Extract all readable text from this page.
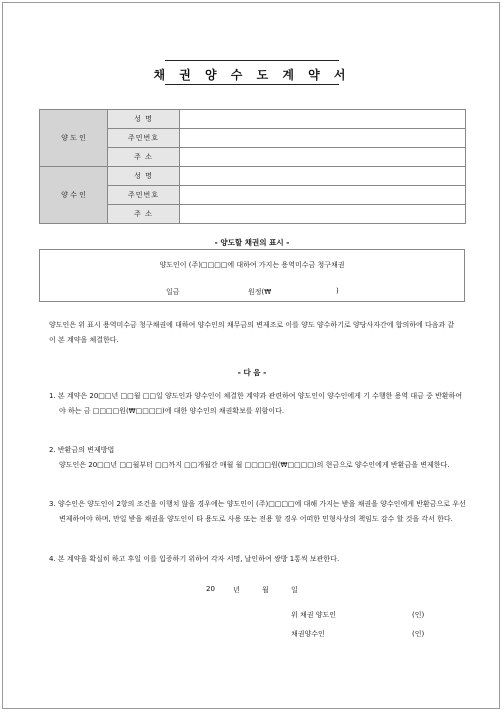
채 권 양 수 도 계 약 서
양 도 인	성 명	
	주민번호	
	주 소	
양 수 인	성 명	
	주민번호	
	주 소	
- 양도할 채권의 표시 -
양도인이 (주)□□□□에 대하여 가지는 용역미수금 청구채권
일금	원정(₩	)
양도인은 위 표시 용역미수금 청구채권에 대하여 양수인의 채무금의 변제조로 이를 양도 양수하기로 양당사자간에 합의하에 다음과 같이 본 계약을 체결한다.
- 다 음 -
1. 본 계약은 20□□년 □□월 □□일 양도인과 양수인이 체결한 계약과 관련하여 양도인이 양수인에게 기 수행한 용역 대금 중 반환하여야 하는 금 □□□□원(₩□□□□)에 대한 양수인의 채권확보를 위함이다.
2. 반환금의 변제방법
양도인은 20□□년 □□월부터 □□까지 □□개월간 매월 월 □□□□원(₩□□□□)의 현금으로 양수인에게 반환금을 변제한다.
3. 양수인은 양도인이 2항의 조건을 이행치 않을 경우에는 양도인이 (주)□□□□에 대해 가지는 받을 채권을 양수인에게 반환금으로 우선 변제하여야 하며, 만일 받을 채권을 양도인이 타 용도로 사용 또는 전용 할 경우 어떠한 민형사상의 책임도 감수 할 것을 각서 한다.
4. 본 계약을 확실히 하고 후일 이를 입증하기 위하여 각자 서명, 날인하여 쌍방 1통씩 보관한다.
20	년	월	일
위 채권 양도인	(인)
채권양수인	(인)
